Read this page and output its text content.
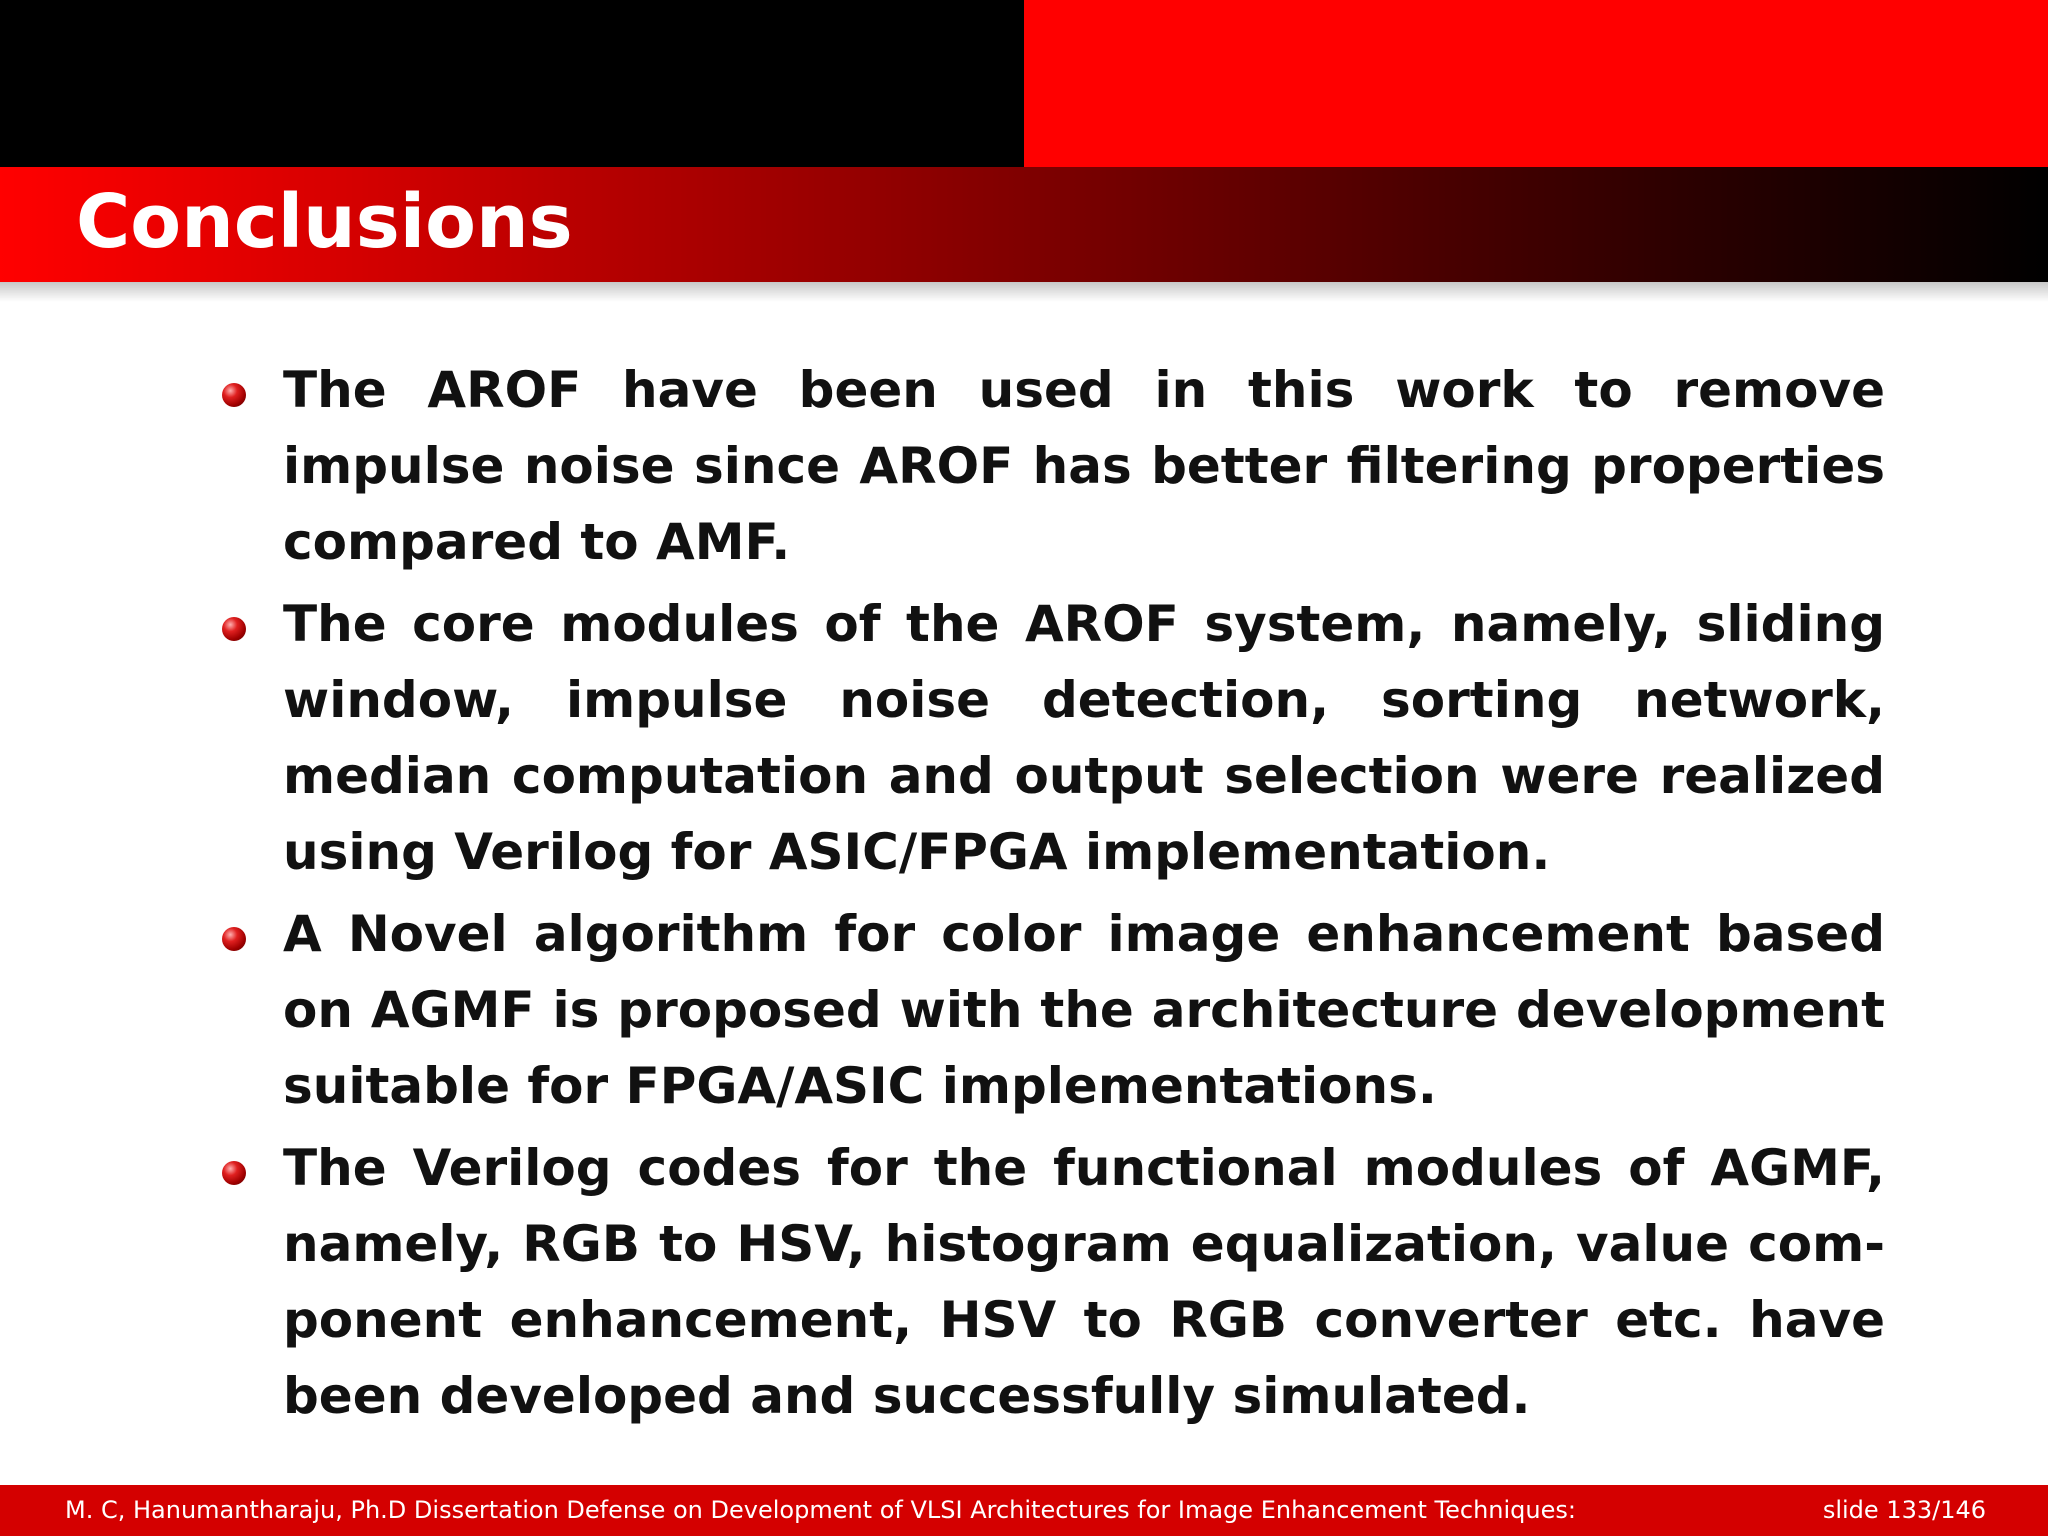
Conclusions
The AROF have been used in this work to remove impulse noise since AROF has better filtering properties compared to AMF.
The core modules of the AROF system, namely, sliding window, impulse noise detection, sorting network, median computation and output selection were realized using Verilog for ASIC/FPGA implementation.
A Novel algorithm for color image enhancement based on AGMF is proposed with the architecture development suitable for FPGA/ASIC implementations.
The Verilog codes for the functional modules of AGMF, namely, RGB to HSV, histogram equalization, value component enhancement, HSV to RGB converter etc. have been developed and successfully simulated.
M. C, Hanumantharaju, Ph.D Dissertation Defense on Development of VLSI Architectures for Image Enhancement Techniques:	slide 133/146
